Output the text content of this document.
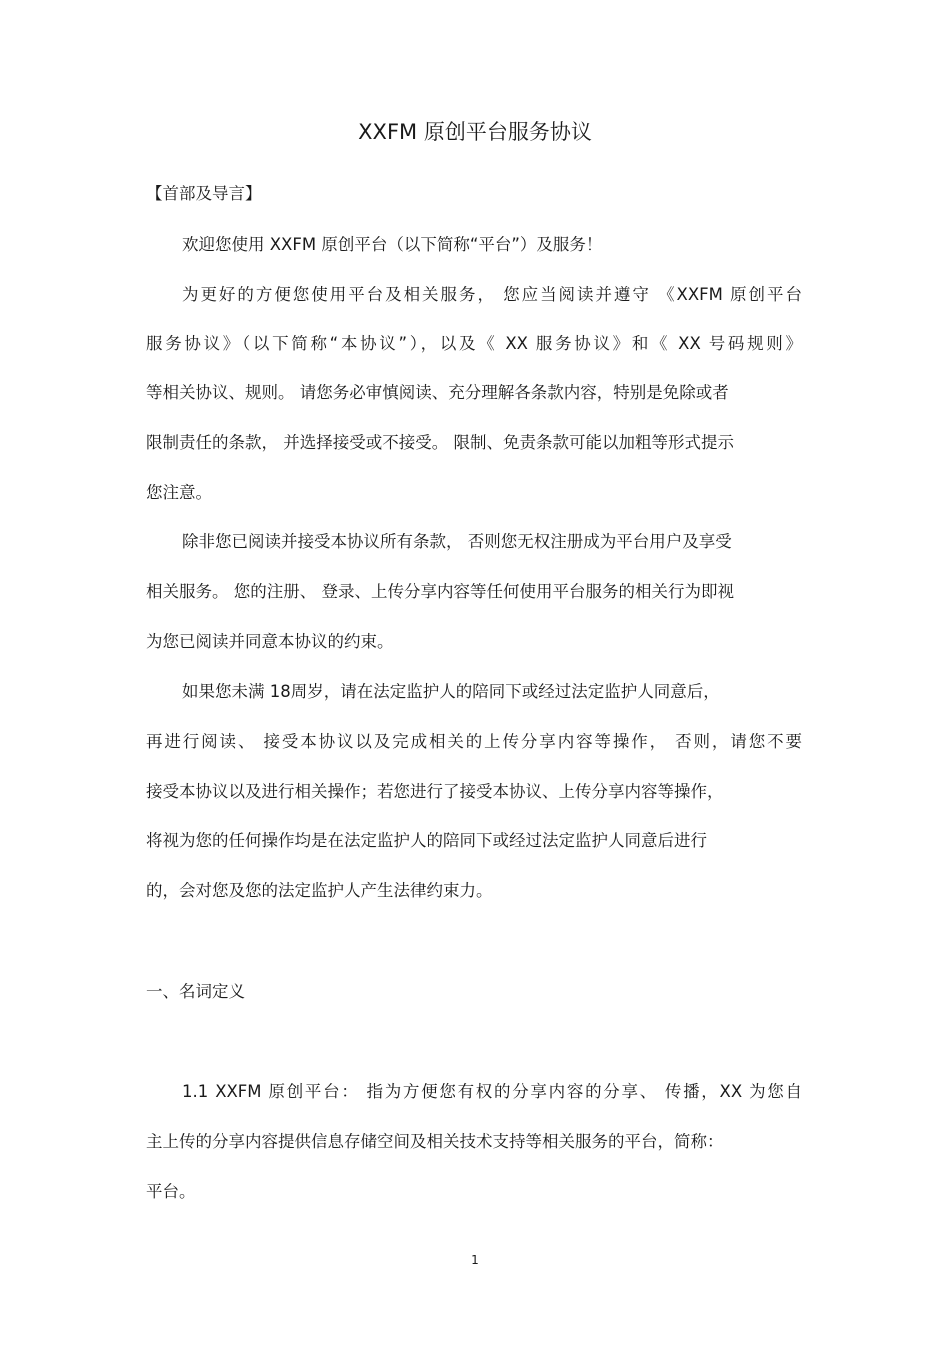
XXFM 原创平台服务协议
【首部及导言】
欢迎您使用 XXFM 原创平台（以下简称“平台”）及服务！
为更好的方便您使用平台及相关服务， 您应当阅读并遵守 《XXFM 原创平台
服务协议》（以下简称“本协议”），以及《 XX 服务协议》和《 XX 号码规则》
等相关协议、规则。 请您务必审慎阅读、充分理解各条款内容，特别是免除或者
限制责任的条款， 并选择接受或不接受。 限制、免责条款可能以加粗等形式提示
您注意。
除非您已阅读并接受本协议所有条款， 否则您无权注册成为平台用户及享受
相关服务。 您的注册、 登录、上传分享内容等任何使用平台服务的相关行为即视
为您已阅读并同意本协议的约束。
如果您未满 18周岁，请在法定监护人的陪同下或经过法定监护人同意后，
再进行阅读、 接受本协议以及完成相关的上传分享内容等操作， 否则，请您不要
接受本协议以及进行相关操作；若您进行了接受本协议、上传分享内容等操作，
将视为您的任何操作均是在法定监护人的陪同下或经过法定监护人同意后进行
的，会对您及您的法定监护人产生法律约束力。
一、名词定义
1.1 XXFM 原创平台： 指为方便您有权的分享内容的分享、 传播，XX 为您自
主上传的分享内容提供信息存储空间及相关技术支持等相关服务的平台，简称：
平台。
1
